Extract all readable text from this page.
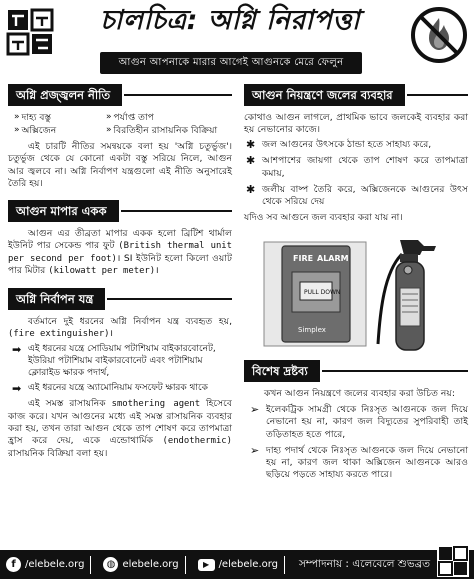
চালচিত্র: অগ্নি নিরাপত্তা
আগুন আপনাকে মারার আগেই আগুনকে মেরে ফেলুন
অগ্নি প্রজ্জ্বলন নীতি
» দাহ্য বস্তু	» পর্যাপ্ত তাপ
» অক্সিজেন	» বিরতিহীন রাসায়নিক বিক্রিয়া

এই চারটি নীতির সমন্বয়কে বলা হয় 'অগ্নি চতুর্ভুজ'। চতুর্ভুজ থেকে যে কোনো একটা বস্তু সরিয়ে নিলে, আগুন আর জ্বলবে না। অগ্নি নির্বাপণ যন্ত্রগুলো এই নীতি অনুসারেই তৈরি হয়।

আগুন মাপার একক

আগুন এর তীব্রতা মাপার একক হলো ব্রিটিশ থার্মাল ইউনিট পার সেকেন্ড পার ফুট (British thermal unit per second per foot)। SI ইউনিট হলো কিলো ওয়াট পার মিটার (kilowatt per meter)।

অগ্নি নির্বাপন যন্ত্র

বর্তমানে দুই ধরনের অগ্নি নির্বাপন যন্ত্র ব্যবহৃত হয়, (fire extinguisher)।

➡ এই ধরনের যন্ত্রে সোডিয়াম পটাশিয়াম বাইকারবোনেট, ইউরিয়া পটাশিয়াম বাইকারবোনেট এবং পটাশিয়াম ক্লোরাইড ক্ষারক পদার্থ,
➡ এই ধরনের যন্ত্রে অ্যামোনিয়াম ফসফেট ক্ষারক থাকে

এই সমস্ত রাসায়নিক smothering agent হিসেবে কাজ করে। যখন আগুনের মধ্যে এই সমস্ত রাসায়নিক ব্যবহার করা হয়, তখন তারা আগুন থেকে তাপ শোষণ করে তাপমাত্রা হ্রাস করে দেয়, একে এন্ডোথার্মিক (endothermic) রাসায়নিক বিক্রিয়া বলা হয়।

আগুন নিয়ন্ত্রণে জলের ব্যবহার

কোথাও আগুন লাগলে, প্রাথমিক ভাবে জলকেই ব্যবহার করা হয় নেভানোর কাজে।

✱ জল আগুনের উৎসকে ঠান্ডা হতে সাহায্য করে,
✱ আশপাশের জায়গা থেকে তাপ শোষণ করে তাপমাত্রা কমায়,
✱ জলীয় বাষ্প তৈরি করে, অক্সিজেনকে আগুনের উৎস থেকে সরিয়ে দেয়

যদিও সব আগুনে জল ব্যবহার করা যায় না।

FIRE ALARM
PULL DOWN
Simplex
বিশেষ দ্রষ্টব্য

কখন আগুন নিয়ন্ত্রণে জলের ব্যবহার করা উচিত নয়:

➢ ইলেকট্রিক সামগ্রী থেকে নিঃসৃত আগুনকে জল দিয়ে নেভানো হয় না, কারণ জল বিদ্যুতের সুপরিবাহী তাই তড়িতাহত হতে পারে,
➢ দাহ্য পদার্থ থেকে নিঃসৃত আগুনকে জল দিয়ে নেভানো হয় না, কারণ জল থাকা অক্সিজেন আগুনকে আরও ছড়িয়ে পড়তে সাহায্য করতে পারে।
f /elebele.org	◍ elebele.org	▶ /elebele.org সম্পাদনায় : এলেবেলে শুভব্রত
